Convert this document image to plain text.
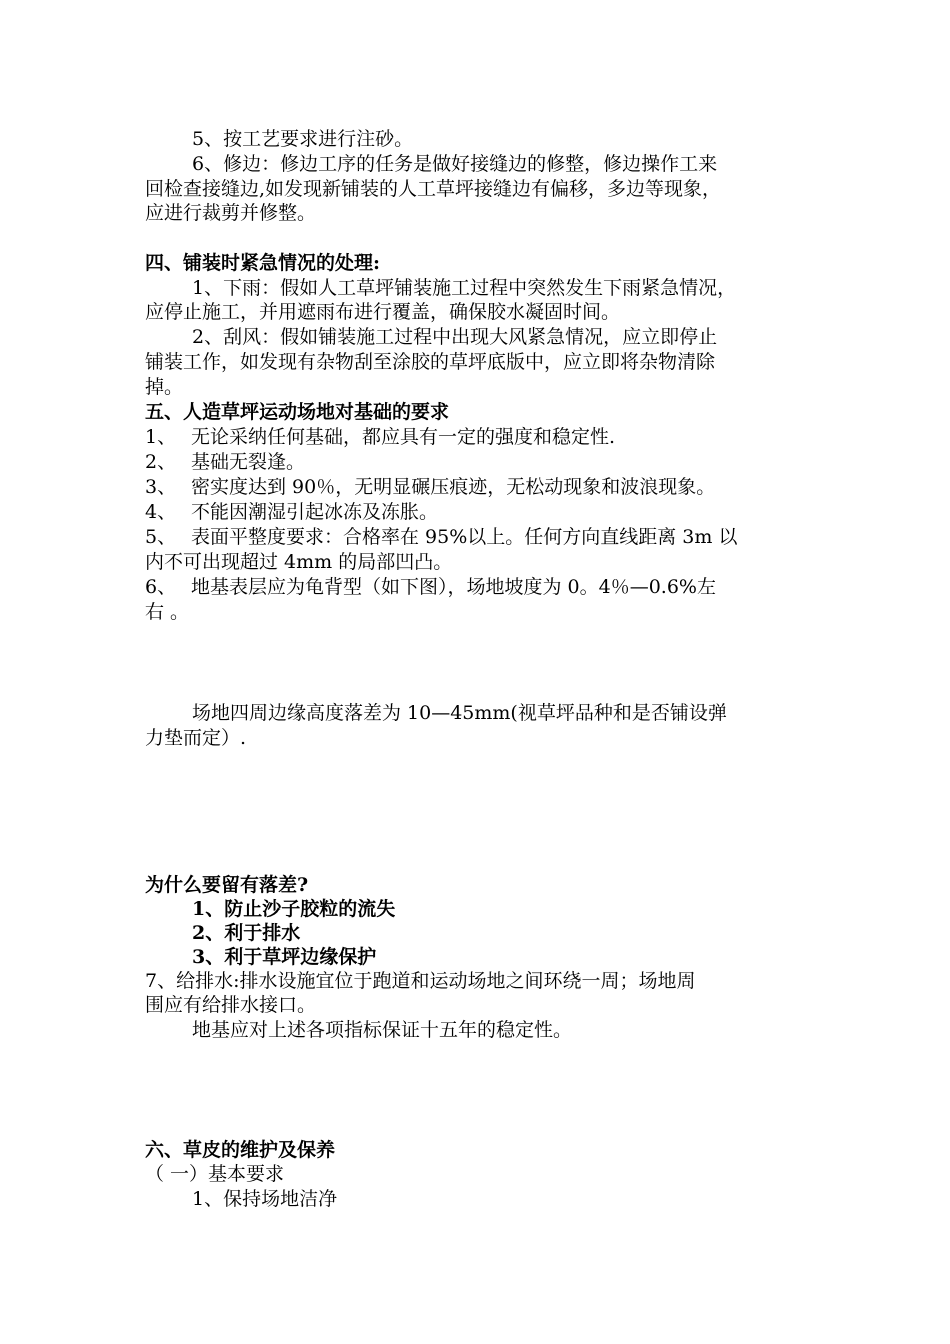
5、按工艺要求进行注砂。
6、修边：修边工序的任务是做好接缝边的修整，修边操作工来
回检查接缝边,如发现新铺装的人工草坪接缝边有偏移，多边等现象，
应进行裁剪并修整。
四、铺装时紧急情况的处理:
1、下雨：假如人工草坪铺装施工过程中突然发生下雨紧急情况，
应停止施工，并用遮雨布进行覆盖，确保胶水凝固时间。
2、刮风：假如铺装施工过程中出现大风紧急情况，应立即停止
铺装工作，如发现有杂物刮至涂胶的草坪底版中，应立即将杂物清除
掉。
五、人造草坪运动场地对基础的要求
1、 无论采纳任何基础，都应具有一定的强度和稳定性.
2、 基础无裂逢。
3、 密实度达到 90％，无明显碾压痕迹，无松动现象和波浪现象。
4、 不能因潮湿引起冰冻及冻胀。
5、 表面平整度要求：合格率在 95%以上。任何方向直线距离 3m 以
内不可出现超过 4mm 的局部凹凸。
6、 地基表层应为龟背型（如下图），场地坡度为 0。4％—0.6%左
右 。
场地四周边缘高度落差为 10—45mm(视草坪品种和是否铺设弹
力垫而定）.
为什么要留有落差?
1、防止沙子胶粒的流失
2、利于排水
3、利于草坪边缘保护
7、给排水:排水设施宜位于跑道和运动场地之间环绕一周；场地周
围应有给排水接口。
地基应对上述各项指标保证十五年的稳定性。
六、草皮的维护及保养
（ 一）基本要求
1、保持场地洁净
